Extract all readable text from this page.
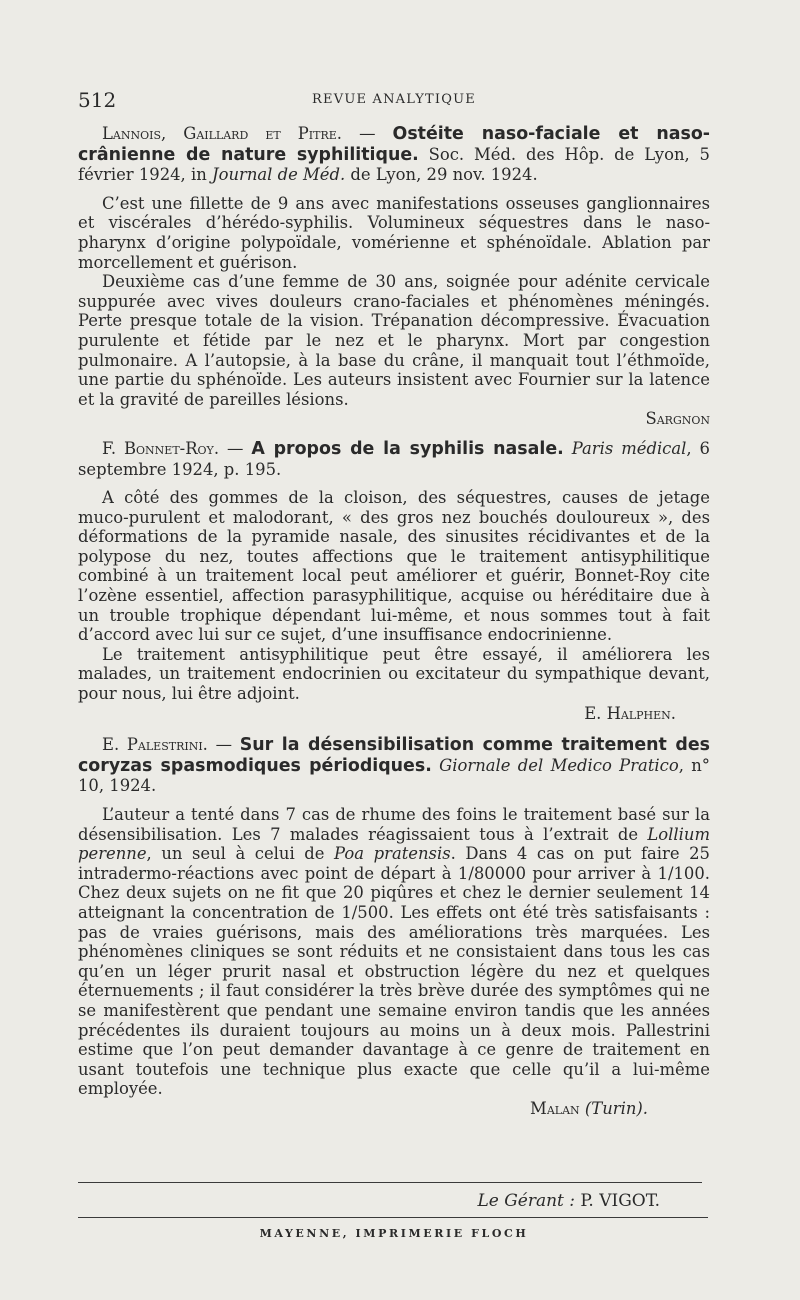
512	REVUE ANALYTIQUE

Lannois, Gaillard et Pitre. — Ostéite naso-faciale et naso-crânienne de nature syphilitique. Soc. Méd. des Hôp. de Lyon, 5 février 1924, in Journal de Méd. de Lyon, 29 nov. 1924.

C’est une fillette de 9 ans avec manifestations osseuses ganglionnaires et viscérales d’hérédo-syphilis. Volumineux séquestres dans le naso-pharynx d’origine polypoïdale, vomérienne et sphénoïdale. Ablation par morcellement et guérison.

Deuxième cas d’une femme de 30 ans, soignée pour adénite cervicale suppurée avec vives douleurs crano-faciales et phénomènes méningés. Perte presque totale de la vision. Trépanation décompressive. Évacuation purulente et fétide par le nez et le pharynx. Mort par congestion pulmonaire. A l’autopsie, à la base du crâne, il manquait tout l’éthmoïde, une partie du sphénoïde. Les auteurs insistent avec Fournier sur la latence et la gravité de pareilles lésions.

Sargnon

F. Bonnet-Roy. — A propos de la syphilis nasale. Paris médical, 6 septembre 1924, p. 195.

A côté des gommes de la cloison, des séquestres, causes de jetage muco-purulent et malodorant, « des gros nez bouchés douloureux », des déformations de la pyramide nasale, des sinusites récidivantes et de la polypose du nez, toutes affections que le traitement antisyphilitique combiné à un traitement local peut améliorer et guérir, Bonnet-Roy cite l’ozène essentiel, affection parasyphilitique, acquise ou héréditaire due à un trouble trophique dépendant lui-même, et nous sommes tout à fait d’accord avec lui sur ce sujet, d’une insuffisance endocrinienne.

Le traitement antisyphilitique peut être essayé, il améliorera les malades, un traitement endocrinien ou excitateur du sympathique devant, pour nous, lui être adjoint.

E. Halphen.

E. Palestrini. — Sur la désensibilisation comme traitement des coryzas spasmodiques périodiques. Giornale del Medico Pratico, n° 10, 1924.

L’auteur a tenté dans 7 cas de rhume des foins le traitement basé sur la désensibilisation. Les 7 malades réagissaient tous à l’extrait de Lollium perenne, un seul à celui de Poa pratensis. Dans 4 cas on put faire 25 intradermo-réactions avec point de départ à 1/80000 pour arriver à 1/100. Chez deux sujets on ne fit que 20 piqûres et chez le dernier seulement 14 atteignant la concentration de 1/500. Les effets ont été très satisfaisants : pas de vraies guérisons, mais des améliorations très marquées. Les phénomènes cliniques se sont réduits et ne consistaient dans tous les cas qu’en un léger prurit nasal et obstruction légère du nez et quelques éternuements ; il faut considérer la très brève durée des symptômes qui ne se manifestèrent que pendant une semaine environ tandis que les années précédentes ils duraient toujours au moins un à deux mois. Pallestrini estime que l’on peut demander davantage à ce genre de traitement en usant toutefois une technique plus exacte que celle qu’il a lui-même employée.

Malan (Turin).
Le Gérant : P. VIGOT.
MAYENNE, IMPRIMERIE FLOCH
